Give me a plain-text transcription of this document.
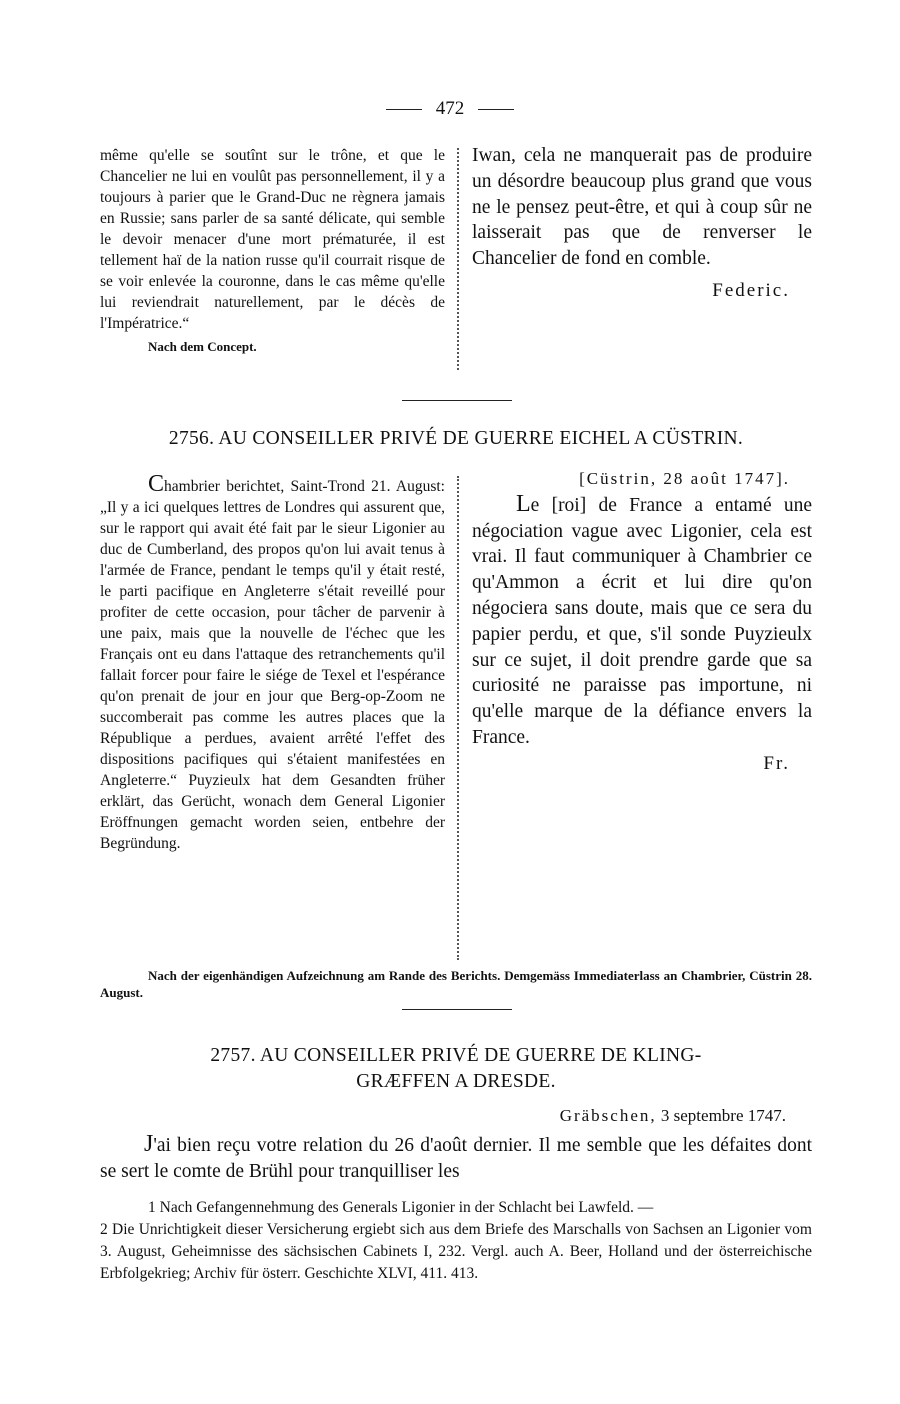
472

même qu'elle se soutînt sur le trône, et que le Chancelier ne lui en voulût pas personnellement, il y a toujours à parier que le Grand-Duc ne règnera jamais en Russie; sans parler de sa santé délicate, qui semble le devoir menacer d'une mort prématurée, il est tellement haï de la nation russe qu'il courrait risque de se voir enlevée la couronne, dans le cas même qu'elle lui reviendrait naturellement, par le décès de l'Impératrice.“

Nach dem Concept.

Iwan, cela ne manquerait pas de produire un désordre beaucoup plus grand que vous ne le pensez peut-être, et qui à coup sûr ne laisserait pas que de renverser le Chancelier de fond en comble.

Federic.

2756. AU CONSEILLER PRIVÉ DE GUERRE EICHEL A CÜSTRIN.

Chambrier berichtet, Saint-Trond 21. August: „Il y a ici quelques lettres de Londres qui assurent que, sur le rapport qui avait été fait par le sieur Ligonier au duc de Cumberland, des propos qu'on lui avait tenus à l'armée de France, pendant le temps qu'il y était resté, le parti pacifique en Angleterre s'était reveillé pour profiter de cette occasion, pour tâcher de parvenir à une paix, mais que la nouvelle de l'échec que les Français ont eu dans l'attaque des retranchements qu'il fallait forcer pour faire le siége de Texel et l'espérance qu'on prenait de jour en jour que Berg-op-Zoom ne succomberait pas comme les autres places que la République a perdues, avaient arrêté l'effet des dispositions pacifiques qui s'étaient manifestées en Angleterre.“ Puyzieulx hat dem Gesandten früher erklärt, das Gerücht, wonach dem General Ligonier Eröffnungen gemacht worden seien, entbehre der Begründung.

[Cüstrin, 28 août 1747].

Le [roi] de France a entamé une négociation vague avec Ligonier, cela est vrai. Il faut communiquer à Chambrier ce qu'Ammon a écrit et lui dire qu'on négociera sans doute, mais que ce sera du papier perdu, et que, s'il sonde Puyzieulx sur ce sujet, il doit prendre garde que sa curiosité ne paraisse pas importune, ni qu'elle marque de la défiance envers la France.

Fr.

Nach der eigenhändigen Aufzeichnung am Rande des Berichts. Demgemäss Immediaterlass an Chambrier, Cüstrin 28. August.
2757. AU CONSEILLER PRIVÉ DE GUERRE DE KLING-
GRÆFFEN A DRESDE.
Gräbschen, 3 septembre 1747.

J'ai bien reçu votre relation du 26 d'août dernier. Il me semble que les défaites dont se sert le comte de Brühl pour tranquilliser les

1 Nach Gefangennehmung des Generals Ligonier in der Schlacht bei Lawfeld. —

2 Die Unrichtigkeit dieser Versicherung ergiebt sich aus dem Briefe des Marschalls von Sachsen an Ligonier vom 3. August, Geheimnisse des sächsischen Cabinets I, 232. Vergl. auch A. Beer, Holland und der österreichische Erbfolgekrieg; Archiv für österr. Geschichte XLVI, 411. 413.
